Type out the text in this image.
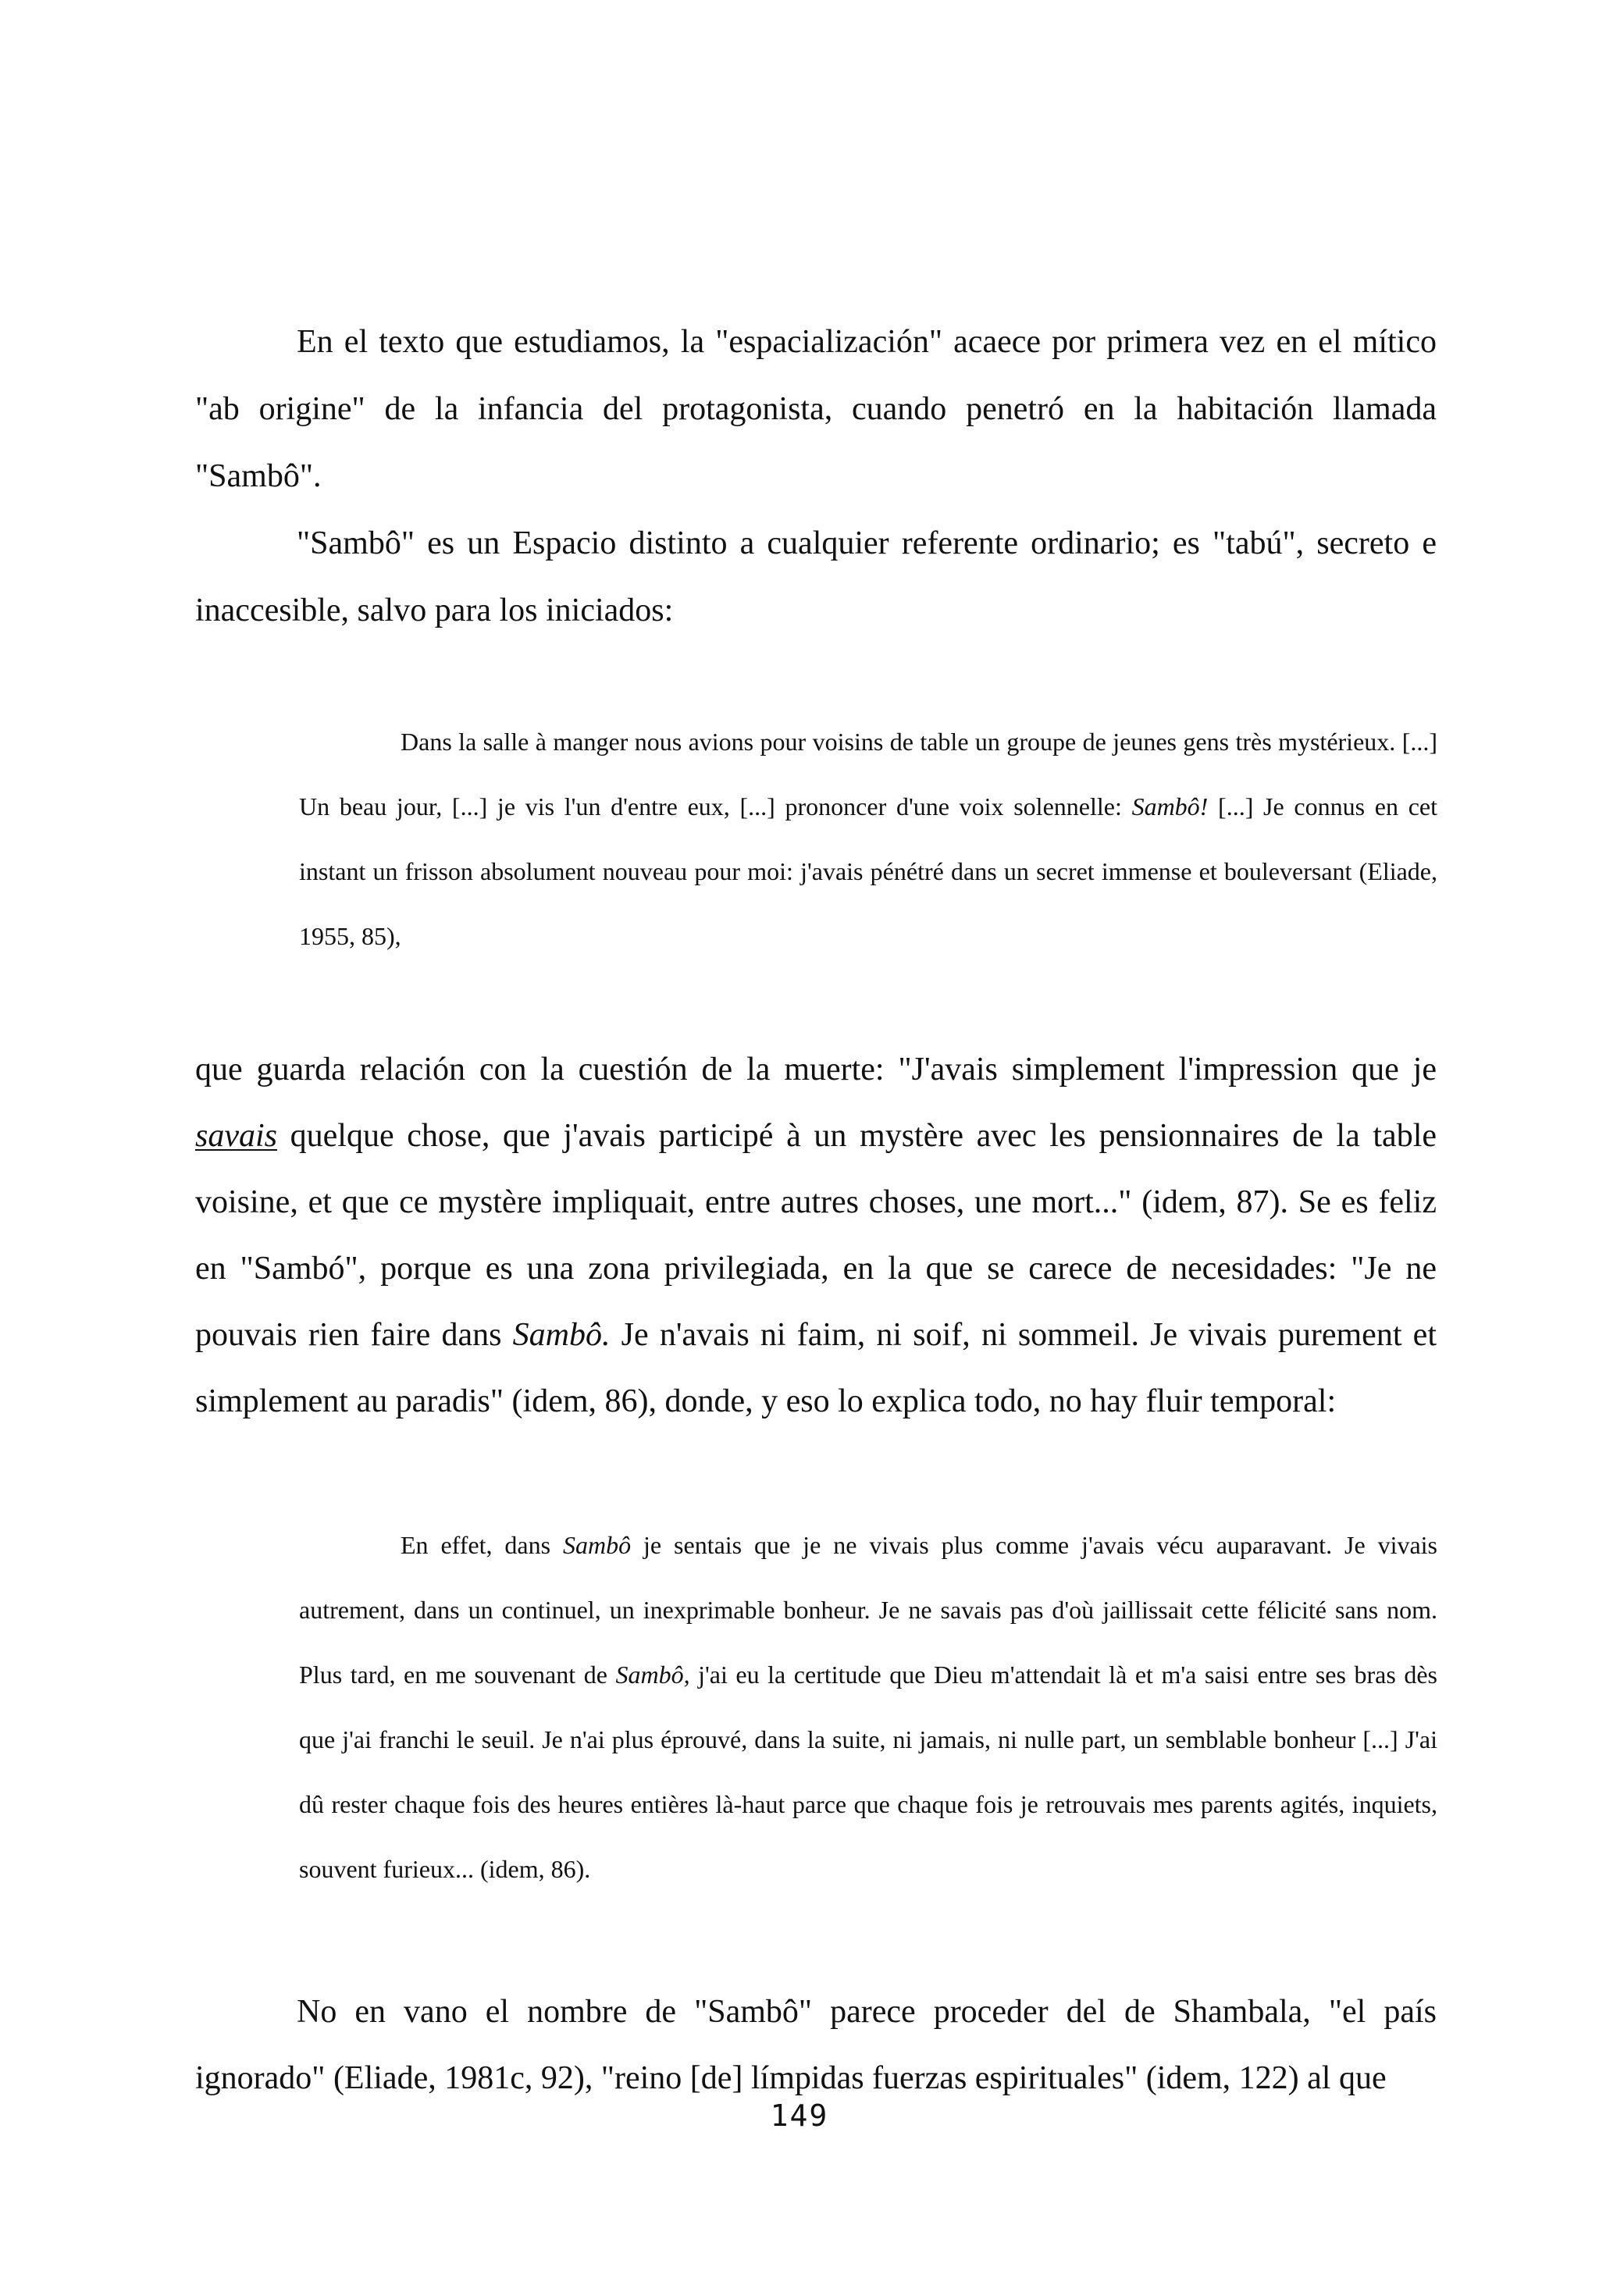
En el texto que estudiamos, la "espacialización" acaece por primera vez en el mítico "ab origine" de la infancia del protagonista, cuando penetró en la habitación llamada "Sambô".

"Sambô" es un Espacio distinto a cualquier referente ordinario; es "tabú", secreto e inaccesible, salvo para los iniciados:

Dans la salle à manger nous avions pour voisins de table un groupe de jeunes gens très mystérieux. [...] Un beau jour, [...] je vis l'un d'entre eux, [...] prononcer d'une voix solennelle: Sambô! [...] Je connus en cet instant un frisson absolument nouveau pour moi: j'avais pénétré dans un secret immense et bouleversant (Eliade, 1955, 85),

que guarda relación con la cuestión de la muerte: "J'avais simplement l'impression que je savais quelque chose, que j'avais participé à un mystère avec les pensionnaires de la table voisine, et que ce mystère impliquait, entre autres choses, une mort..." (idem, 87). Se es feliz en "Sambó", porque es una zona privilegiada, en la que se carece de necesidades: "Je ne pouvais rien faire dans Sambô. Je n'avais ni faim, ni soif, ni sommeil. Je vivais purement et simplement au paradis" (idem, 86), donde, y eso lo explica todo, no hay fluir temporal:

En effet, dans Sambô je sentais que je ne vivais plus comme j'avais vécu auparavant. Je vivais autrement, dans un continuel, un inexprimable bonheur. Je ne savais pas d'où jaillissait cette félicité sans nom. Plus tard, en me souvenant de Sambô, j'ai eu la certitude que Dieu m'attendait là et m'a saisi entre ses bras dès que j'ai franchi le seuil. Je n'ai plus éprouvé, dans la suite, ni jamais, ni nulle part, un semblable bonheur [...] J'ai dû rester chaque fois des heures entières là-haut parce que chaque fois je retrouvais mes parents agités, inquiets, souvent furieux... (idem, 86).

No en vano el nombre de "Sambô" parece proceder del de Shambala, "el país ignorado" (Eliade, 1981c, 92), "reino [de] límpidas fuerzas espirituales" (idem, 122) al que

149
